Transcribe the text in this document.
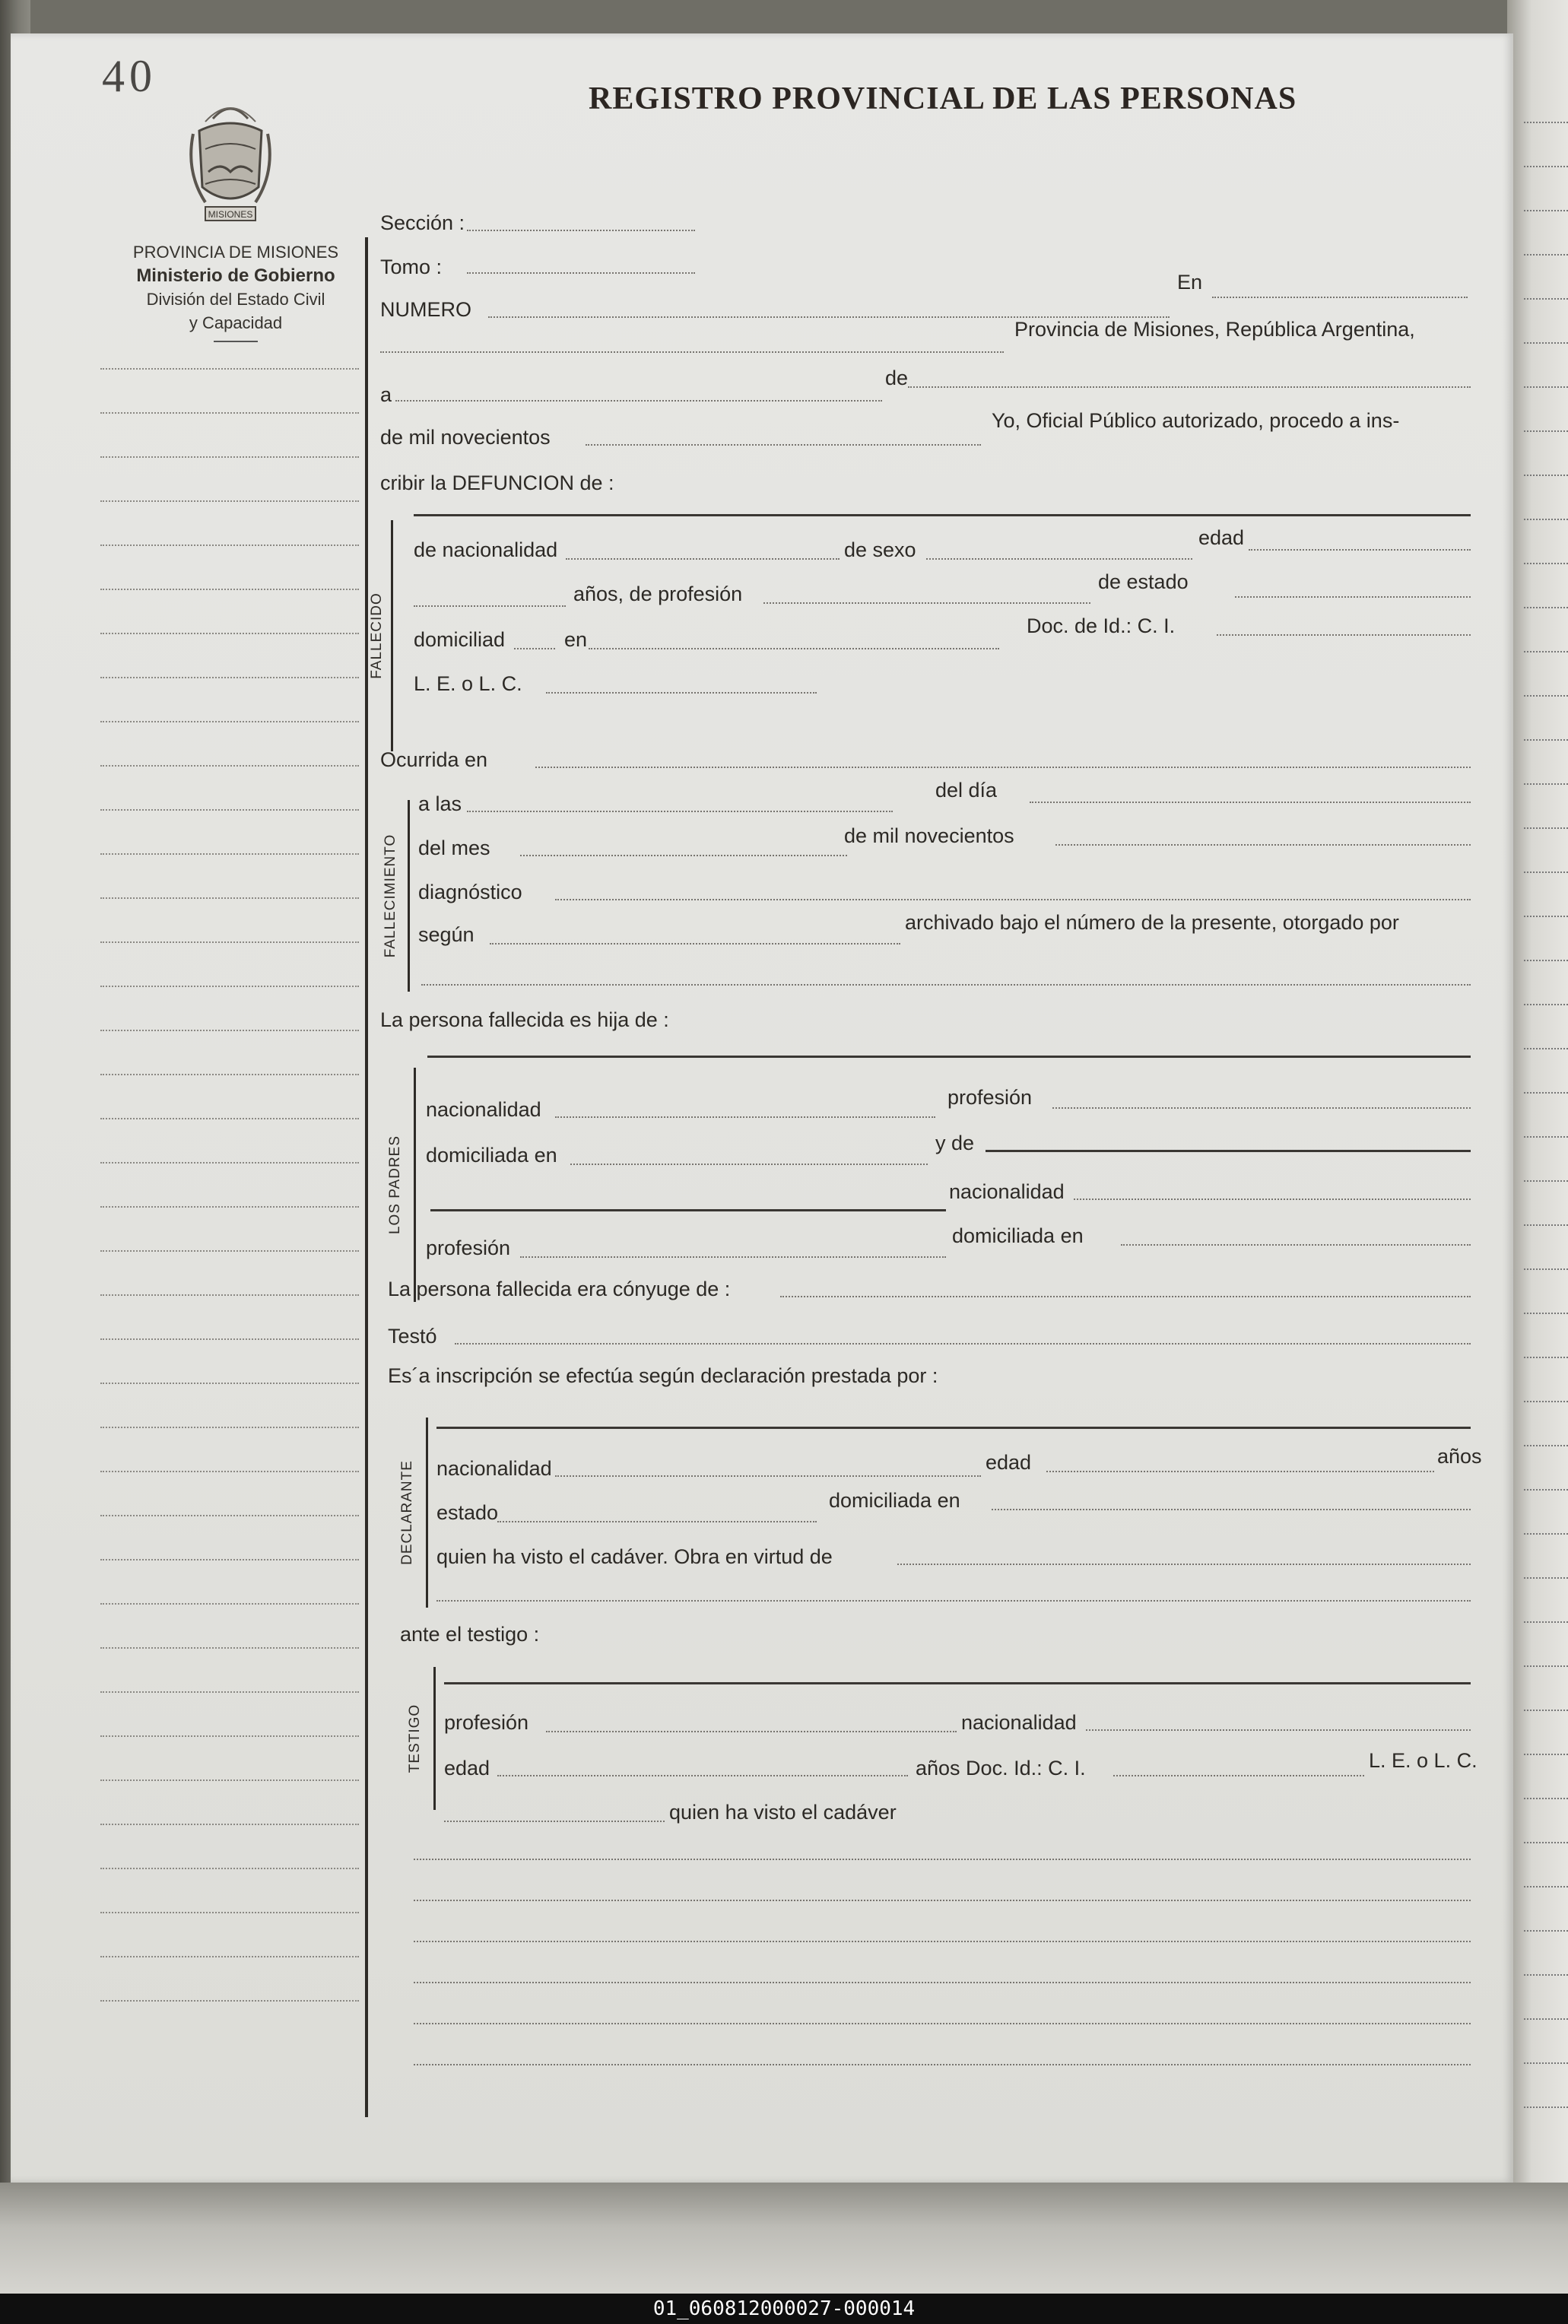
40	REGISTRO PROVINCIAL DE LAS PERSONAS
MISIONES
PROVINCIA DE MISIONES
Ministerio de Gobierno
División del Estado Civil
y Capacidad
FALLECIDO
FALLECIMIENTO
LOS PADRES
DECLARANTE
TESTIGO
Sección :
Tomo :
NUMERO
En
Provincia de Misiones, República Argentina,
a
de
de mil novecientos
Yo, Oficial Público autorizado, procedo a ins-
cribir la DEFUNCION de :
de nacionalidad	de sexo
edad
años, de profesión
de estado
domiciliad	en
Doc. de Id.: C. I.
L. E. o L. C.
Ocurrida en
a las
del día
del mes
de mil novecientos
diagnóstico
según
archivado bajo el número de la presente, otorgado por
La persona fallecida es hija de :
nacionalidad
profesión
domiciliada en
y de
nacionalidad
profesión
domiciliada en
La persona fallecida era cónyuge de :
Testó
Es´a inscripción se efectúa según declaración prestada por :
nacionalidad	edad	años
estado
domiciliada en
quien ha visto el cadáver. Obra en virtud de
ante el testigo :
profesión	nacionalidad
edad	años Doc. Id.: C. I.	L. E. o L. C.
quien ha visto el cadáver
01_060812000027-000014
